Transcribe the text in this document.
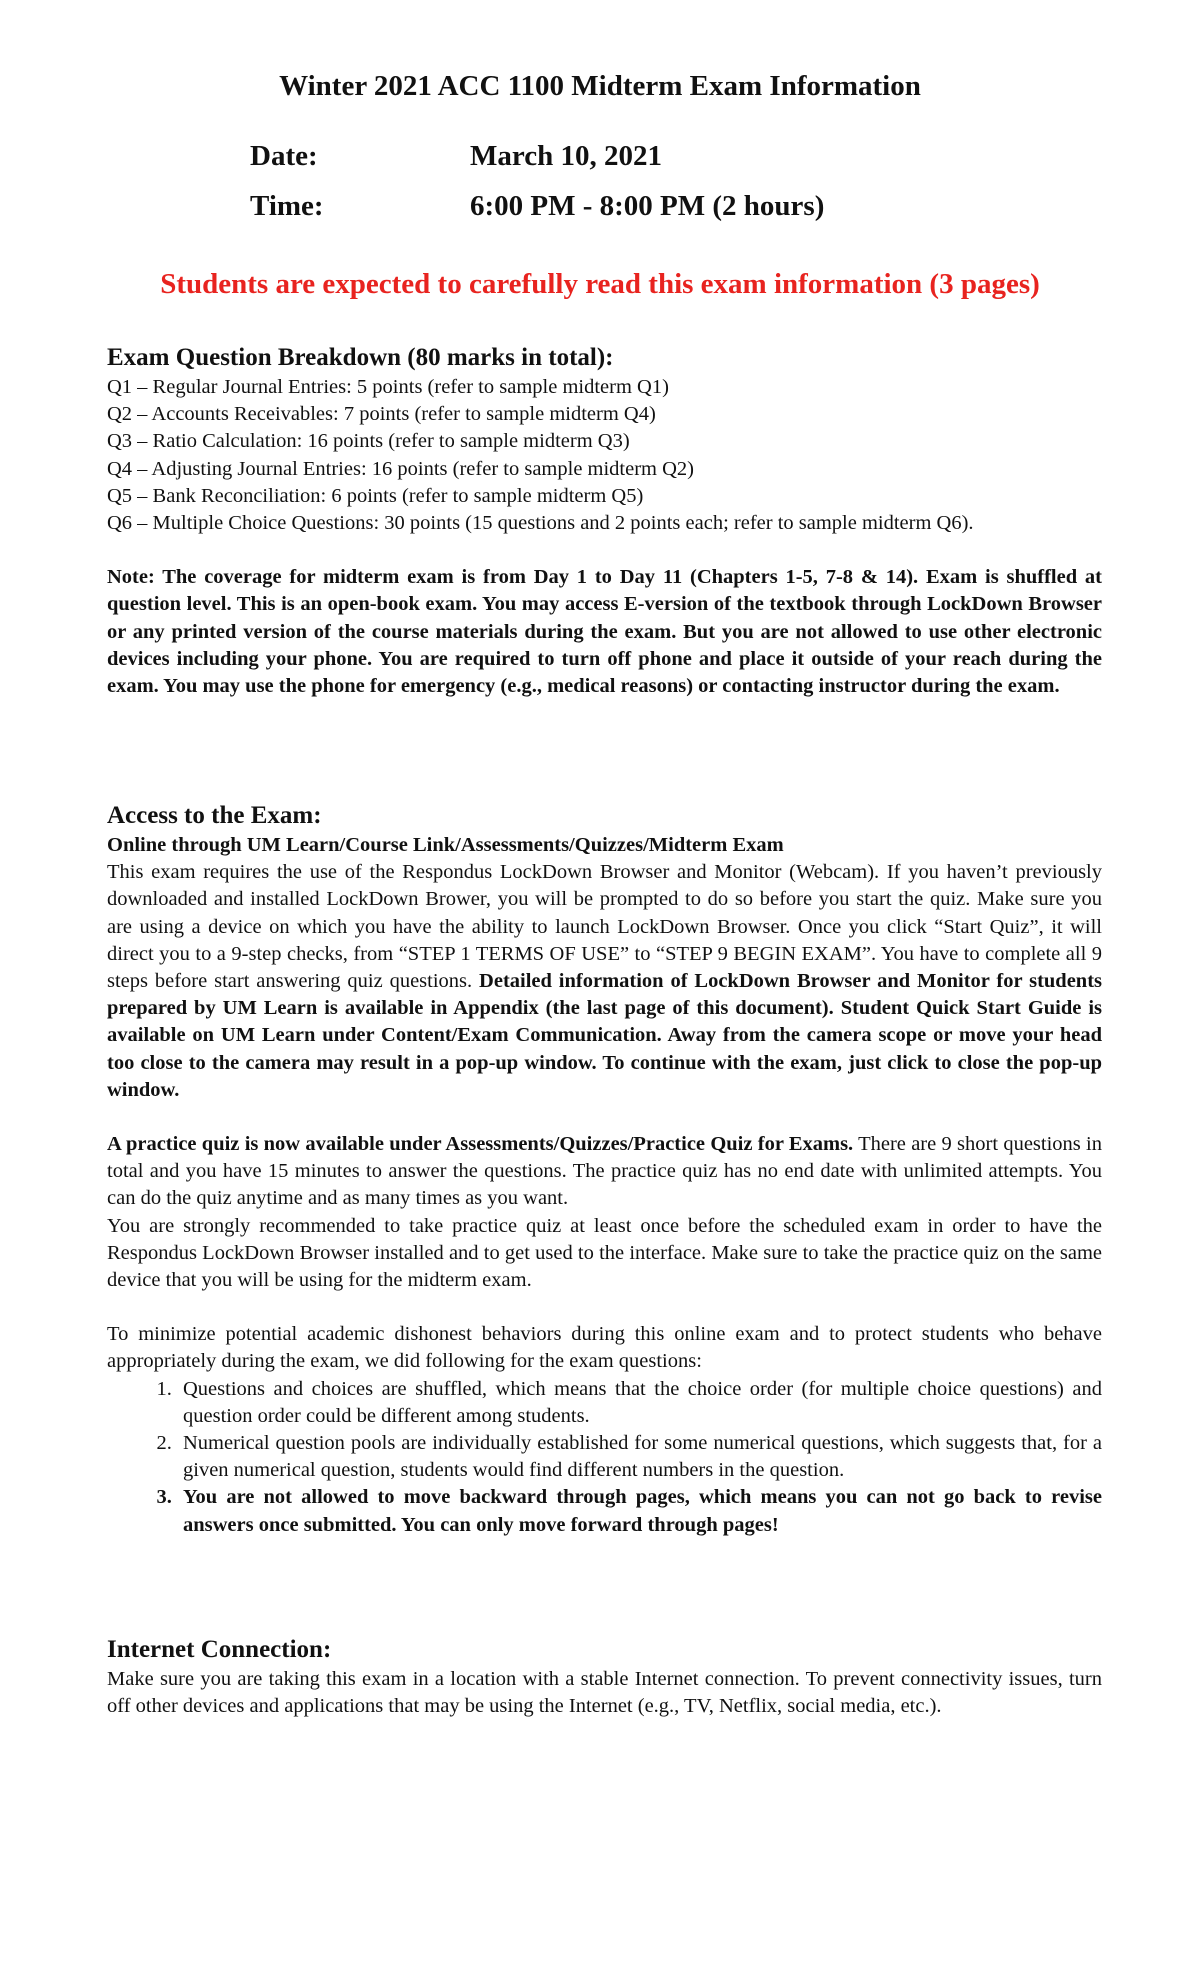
Winter 2021 ACC 1100 Midterm Exam Information
Date:	March 10, 2021
Time:	6:00 PM - 8:00 PM (2 hours)
Students are expected to carefully read this exam information (3 pages)
Exam Question Breakdown (80 marks in total):
Q1 – Regular Journal Entries: 5 points (refer to sample midterm Q1)
Q2 – Accounts Receivables: 7 points (refer to sample midterm Q4)
Q3 – Ratio Calculation: 16 points (refer to sample midterm Q3)
Q4 – Adjusting Journal Entries: 16 points (refer to sample midterm Q2)
Q5 – Bank Reconciliation: 6 points (refer to sample midterm Q5)
Q6 – Multiple Choice Questions: 30 points (15 questions and 2 points each; refer to sample midterm Q6).

Note: The coverage for midterm exam is from Day 1 to Day 11 (Chapters 1-5, 7-8 & 14). Exam is shuffled at question level. This is an open-book exam. You may access E-version of the textbook through LockDown Browser or any printed version of the course materials during the exam. But you are not allowed to use other electronic devices including your phone. You are required to turn off phone and place it outside of your reach during the exam. You may use the phone for emergency (e.g., medical reasons) or contacting instructor during the exam.

Access to the Exam:
Online through UM Learn/Course Link/Assessments/Quizzes/Midterm Exam

This exam requires the use of the Respondus LockDown Browser and Monitor (Webcam). If you haven’t previously downloaded and installed LockDown Brower, you will be prompted to do so before you start the quiz. Make sure you are using a device on which you have the ability to launch LockDown Browser. Once you click “Start Quiz”, it will direct you to a 9-step checks, from “STEP 1 TERMS OF USE” to “STEP 9 BEGIN EXAM”. You have to complete all 9 steps before start answering quiz questions. Detailed information of LockDown Browser and Monitor for students prepared by UM Learn is available in Appendix (the last page of this document). Student Quick Start Guide is available on UM Learn under Content/Exam Communication. Away from the camera scope or move your head too close to the camera may result in a pop-up window. To continue with the exam, just click to close the pop-up window.

A practice quiz is now available under Assessments/Quizzes/Practice Quiz for Exams. There are 9 short questions in total and you have 15 minutes to answer the questions. The practice quiz has no end date with unlimited attempts. You can do the quiz anytime and as many times as you want.

You are strongly recommended to take practice quiz at least once before the scheduled exam in order to have the Respondus LockDown Browser installed and to get used to the interface. Make sure to take the practice quiz on the same device that you will be using for the midterm exam.

To minimize potential academic dishonest behaviors during this online exam and to protect students who behave appropriately during the exam, we did following for the exam questions:

1. Questions and choices are shuffled, which means that the choice order (for multiple choice questions) and question order could be different among students.
2. Numerical question pools are individually established for some numerical questions, which suggests that, for a given numerical question, students would find different numbers in the question.
3. You are not allowed to move backward through pages, which means you can not go back to revise answers once submitted. You can only move forward through pages!
Internet Connection:

Make sure you are taking this exam in a location with a stable Internet connection. To prevent connectivity issues, turn off other devices and applications that may be using the Internet (e.g., TV, Netflix, social media, etc.).
